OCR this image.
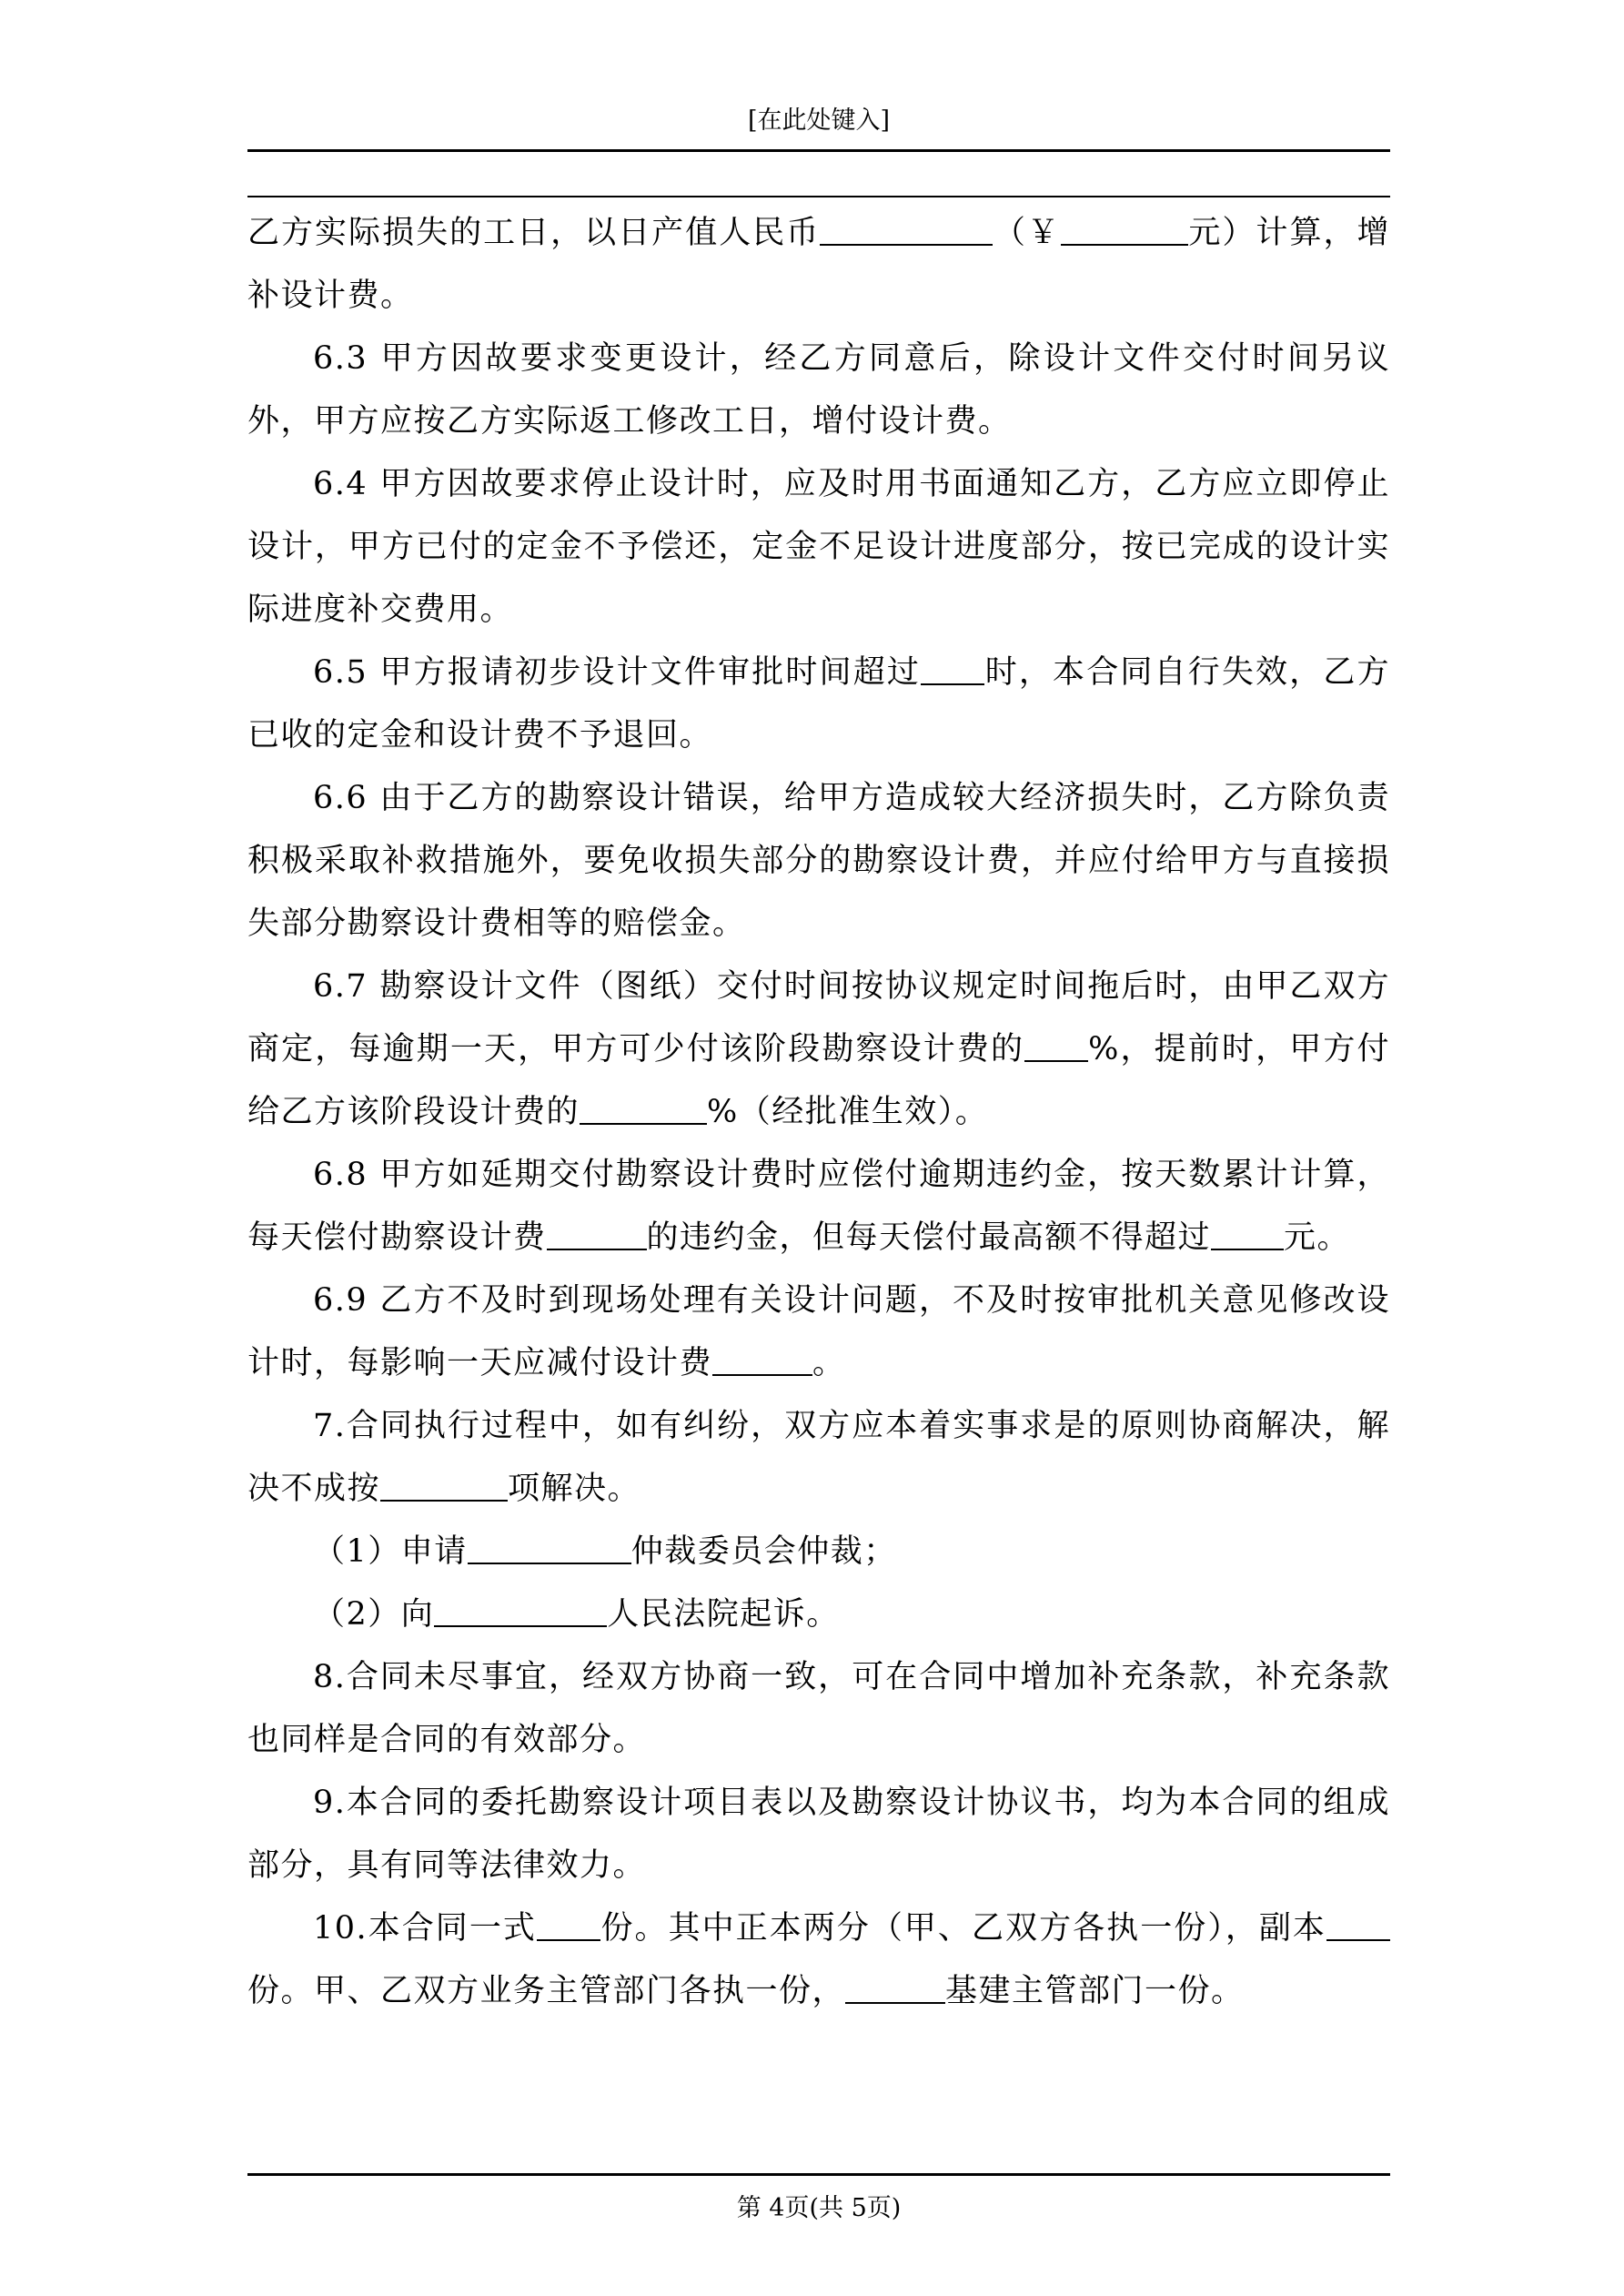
[在此处键入]

乙方实际损失的工日，以日产值人民币	（￥	元）计算，增补设计费。

6.3 甲方因故要求变更设计，经乙方同意后，除设计文件交付时间另议外，甲方应按乙方实际返工修改工日，增付设计费。

6.4 甲方因故要求停止设计时，应及时用书面通知乙方，乙方应立即停止设计，甲方已付的定金不予偿还，定金不足设计进度部分，按已完成的设计实际进度补交费用。

6.5 甲方报请初步设计文件审批时间超过 时，本合同自行失效，乙方已收的定金和设计费不予退回。

6.6 由于乙方的勘察设计错误，给甲方造成较大经济损失时，乙方除负责积极采取补救措施外，要免收损失部分的勘察设计费，并应付给甲方与直接损失部分勘察设计费相等的赔偿金。

6.7 勘察设计文件（图纸）交付时间按协议规定时间拖后时，由甲乙双方商定，每逾期一天，甲方可少付该阶段勘察设计费的 %，提前时，甲方付给乙方该阶段设计费的	%（经批准生效）。

6.8 甲方如延期交付勘察设计费时应偿付逾期违约金，按天数累计计算，每天偿付勘察设计费	的违约金，但每天偿付最高额不得超过 元。

6.9 乙方不及时到现场处理有关设计问题，不及时按审批机关意见修改设计时，每影响一天应减付设计费	。

7.合同执行过程中，如有纠纷，双方应本着实事求是的原则协商解决，解决不成按	项解决。

（1）申请	仲裁委员会仲裁；

（2）向	人民法院起诉。

8.合同未尽事宜，经双方协商一致，可在合同中增加补充条款，补充条款也同样是合同的有效部分。

9.本合同的委托勘察设计项目表以及勘察设计协议书，均为本合同的组成部分，具有同等法律效力。

10.本合同一式 份。其中正本两分（甲、乙双方各执一份），副本份。甲、乙双方业务主管部门各执一份，	基建主管部门一份。

第 4页(共 5页)
